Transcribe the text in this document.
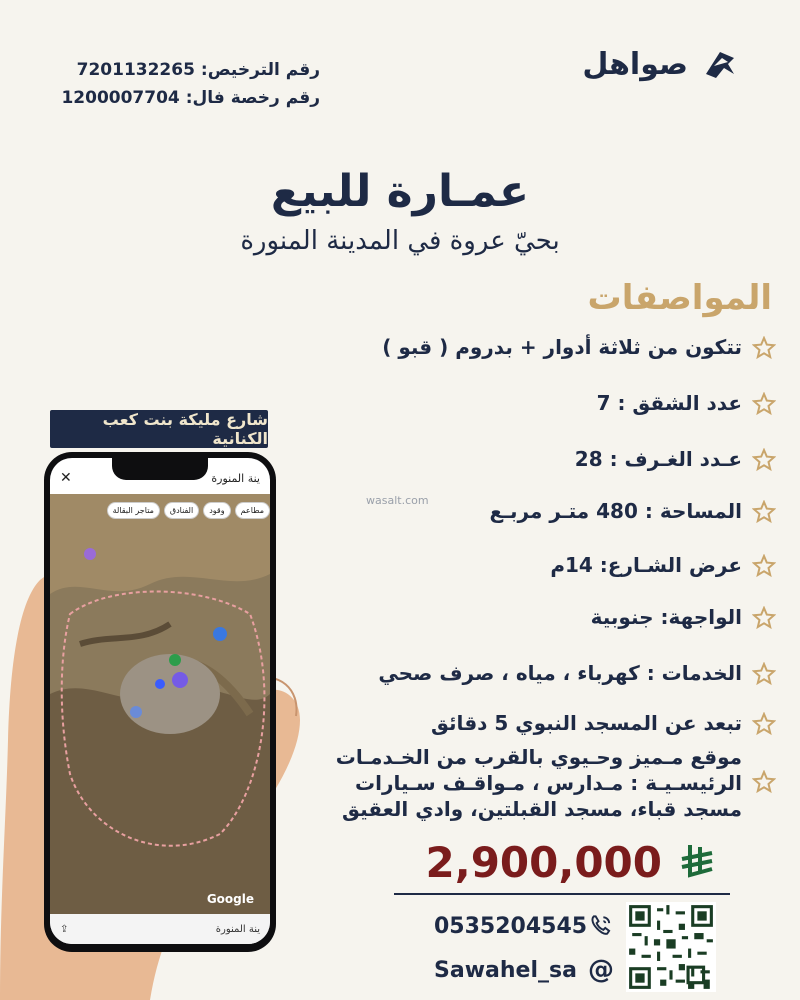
رقم الترخيص:
7201132265
رقم رخصة فال:
1200007704
صواهل
عمـارة للبيع
بحيّ عروة في المدينة المنورة
المواصفات
تتكون من ثلاثة أدوار + بدروم ( قبو )
عدد الشقق : 7
عـدد الغـرف : 28
المساحة : 480 متـر مربـع
عرض الشـارع: 14م
الواجهة: جنوبية
الخدمات : كهرباء ، مياه ، صرف صحي
تبعد عن المسجد النبوي 5 دقائق
موقع مـميز وحـيوي بالقرب من الخـدمـات الرئيسـيـة : مـدارس ، مـواقـف سـيارات مسجد قباء، مسجد القبلتين، وادي العقيق
2,900,000
0535204545
Sawahel_sa @
wasalt.com
✕	ينة المنورة
مطاعم
وقود
الفنادق
متاجر البقالة
Google
⇪	ينة المنورة
شارع مليكة بنت كعب الكنانية
